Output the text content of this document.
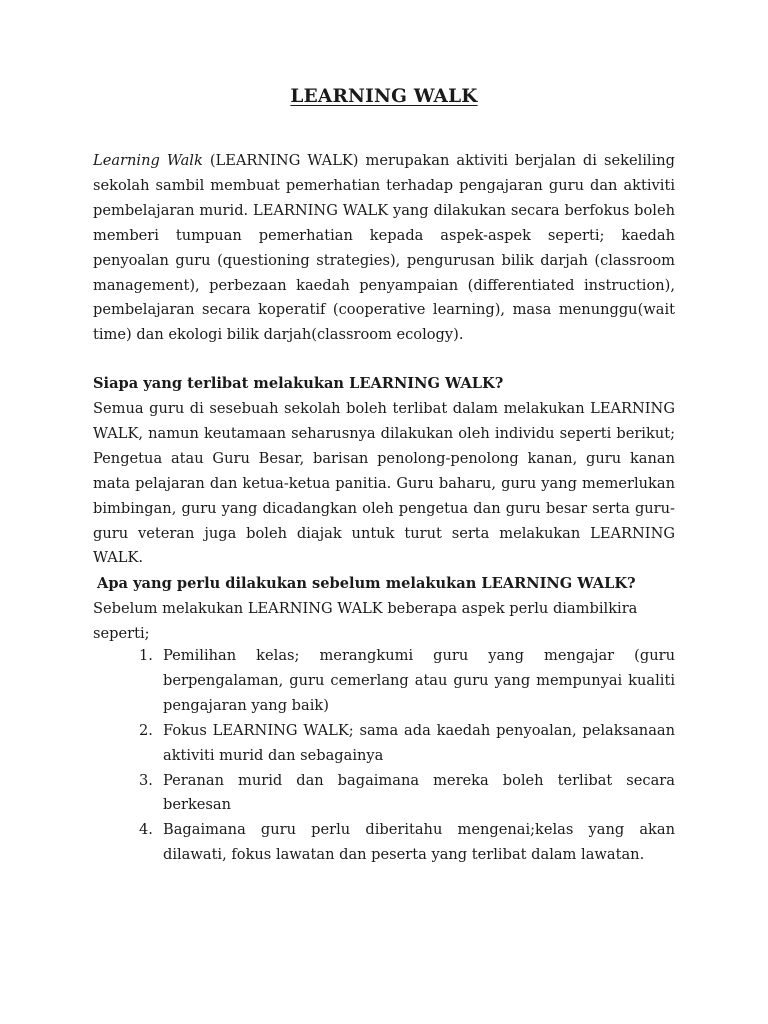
LEARNING WALK

Learning Walk (LEARNING WALK) merupakan aktiviti berjalan di sekeliling sekolah sambil membuat pemerhatian terhadap pengajaran guru dan aktiviti pembelajaran murid. LEARNING WALK yang dilakukan secara berfokus boleh memberi tumpuan pemerhatian kepada aspek-aspek seperti; kaedah penyoalan guru (questioning strategies), pengurusan bilik darjah (classroom management), perbezaan kaedah penyampaian (differentiated instruction), pembelajaran secara koperatif (cooperative learning), masa menunggu(wait time) dan ekologi bilik darjah(classroom ecology).

Siapa yang terlibat melakukan LEARNING WALK?

Semua guru di sesebuah sekolah boleh terlibat dalam melakukan LEARNING WALK, namun keutamaan seharusnya dilakukan oleh individu seperti berikut; Pengetua atau Guru Besar, barisan penolong-penolong kanan, guru kanan mata pelajaran dan ketua-ketua panitia. Guru baharu, guru yang memerlukan bimbingan, guru yang dicadangkan oleh pengetua dan guru besar serta guru-guru veteran juga boleh diajak untuk turut serta melakukan LEARNING WALK.

Apa yang perlu dilakukan sebelum melakukan LEARNING WALK?

Sebelum melakukan LEARNING WALK beberapa aspek perlu diambilkira seperti;

1. Pemilihan kelas; merangkumi guru yang mengajar (guru berpengalaman, guru cemerlang atau guru yang mempunyai kualiti pengajaran yang baik)
2. Fokus LEARNING WALK; sama ada kaedah penyoalan, pelaksanaan aktiviti murid dan sebagainya
3. Peranan murid dan bagaimana mereka boleh terlibat secara berkesan
4. Bagaimana guru perlu diberitahu mengenai;kelas yang akan dilawati, fokus lawatan dan peserta yang terlibat dalam lawatan.
